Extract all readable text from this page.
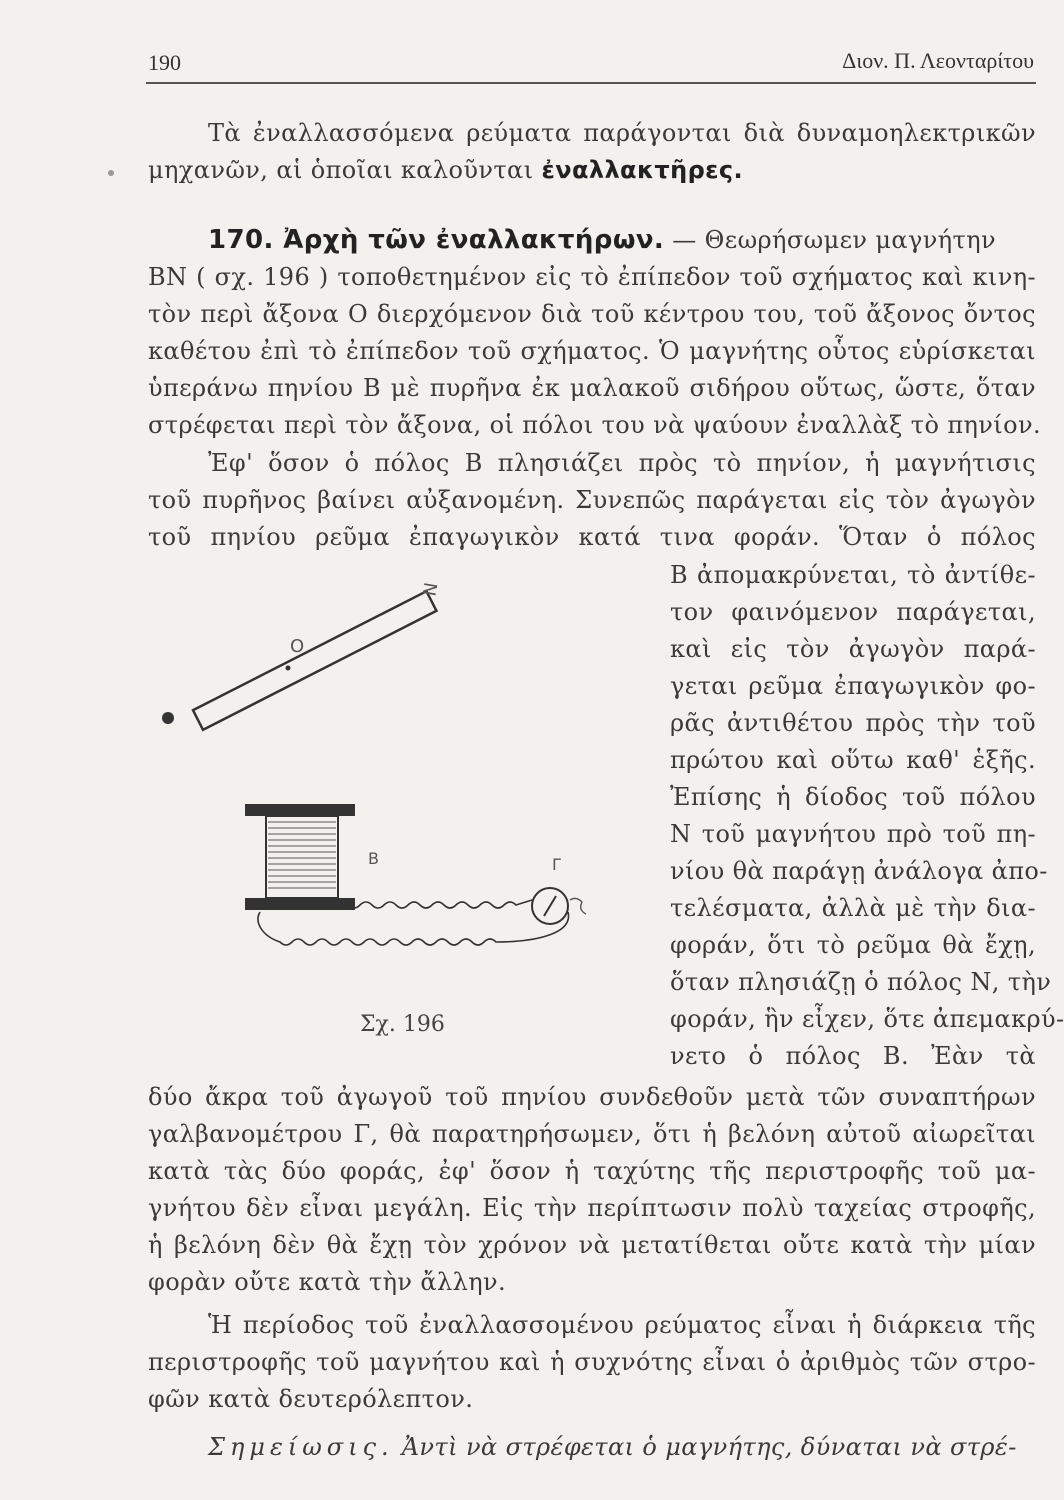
190	Διον. Π. Λεονταρίτου
Τὰ ἐναλλασσόμενα ρεύματα παράγονται διὰ δυναμοηλεκτρικῶν
μηχανῶν, αἱ ὁποῖαι καλοῦνται ἐναλλακτῆρες.
170. Ἀρχὴ τῶν ἐναλλακτήρων. — Θεωρήσωμεν μαγνήτην
ΒΝ ( σχ. 196 ) τοποθετημένον εἰς τὸ ἐπίπεδον τοῦ σχήματος καὶ κινη-
τὸν περὶ ἄξονα Ο διερχόμενον διὰ τοῦ κέντρου του, τοῦ ἄξονος ὄντος
καθέτου ἐπὶ τὸ ἐπίπεδον τοῦ σχήματος. Ὁ μαγνήτης οὗτος εὑρίσκεται
ὑπεράνω πηνίου Β μὲ πυρῆνα ἐκ μαλακοῦ σιδήρου οὕτως, ὥστε, ὅταν
στρέφεται περὶ τὸν ἄξονα, οἱ πόλοι του νὰ ψαύουν ἐναλλὰξ τὸ πηνίον.
Ἐφ' ὅσον ὁ πόλος Β πλησιάζει πρὸς τὸ πηνίον, ἡ μαγνήτισις
τοῦ πυρῆνος βαίνει αὐξανομένη. Συνεπῶς παράγεται εἰς τὸν ἀγωγὸν
τοῦ πηνίου ρεῦμα ἐπαγωγικὸν κατά τινα φοράν. Ὅταν ὁ πόλος
Β ἀπομακρύνεται, τὸ ἀντίθε-
τον φαινόμενον παράγεται,
καὶ εἰς τὸν ἀγωγὸν παρά-
γεται ρεῦμα ἐπαγωγικὸν φο-
ρᾶς ἀντιθέτου πρὸς τὴν τοῦ
πρώτου καὶ οὕτω καθ' ἑξῆς.
Ἐπίσης ἡ δίοδος τοῦ πόλου
Ν τοῦ μαγνήτου πρὸ τοῦ πη-
νίου θὰ παράγῃ ἀνάλογα ἀπο-
τελέσματα, ἀλλὰ μὲ τὴν δια-
φοράν, ὅτι τὸ ρεῦμα θὰ ἔχῃ,
ὅταν πλησιάζῃ ὁ πόλος Ν, τὴν
φοράν, ἣν εἶχεν, ὅτε ἀπεμακρύ-
νετο ὁ πόλος Β. Ἐὰν τὰ
O
N
B	Γ
Σχ. 196
δύο ἄκρα τοῦ ἀγωγοῦ τοῦ πηνίου συνδεθοῦν μετὰ τῶν συναπτήρων
γαλβανομέτρου Γ, θὰ παρατηρήσωμεν, ὅτι ἡ βελόνη αὐτοῦ αἰωρεῖται
κατὰ τὰς δύο φοράς, ἐφ' ὅσον ἡ ταχύτης τῆς περιστροφῆς τοῦ μα-
γνήτου δὲν εἶναι μεγάλη. Εἰς τὴν περίπτωσιν πολὺ ταχείας στροφῆς,
ἡ βελόνη δὲν θὰ ἔχῃ τὸν χρόνον νὰ μετατίθεται οὔτε κατὰ τὴν μίαν
φορὰν οὔτε κατὰ τὴν ἄλλην.
Ἡ περίοδος τοῦ ἐναλλασσομένου ρεύματος εἶναι ἡ διάρκεια τῆς
περιστροφῆς τοῦ μαγνήτου καὶ ἡ συχνότης εἶναι ὁ ἀριθμὸς τῶν στρο-
φῶν κατὰ δευτερόλεπτον.
Σημείωσις. Ἀντὶ νὰ στρέφεται ὁ μαγνήτης, δύναται νὰ στρέ-
